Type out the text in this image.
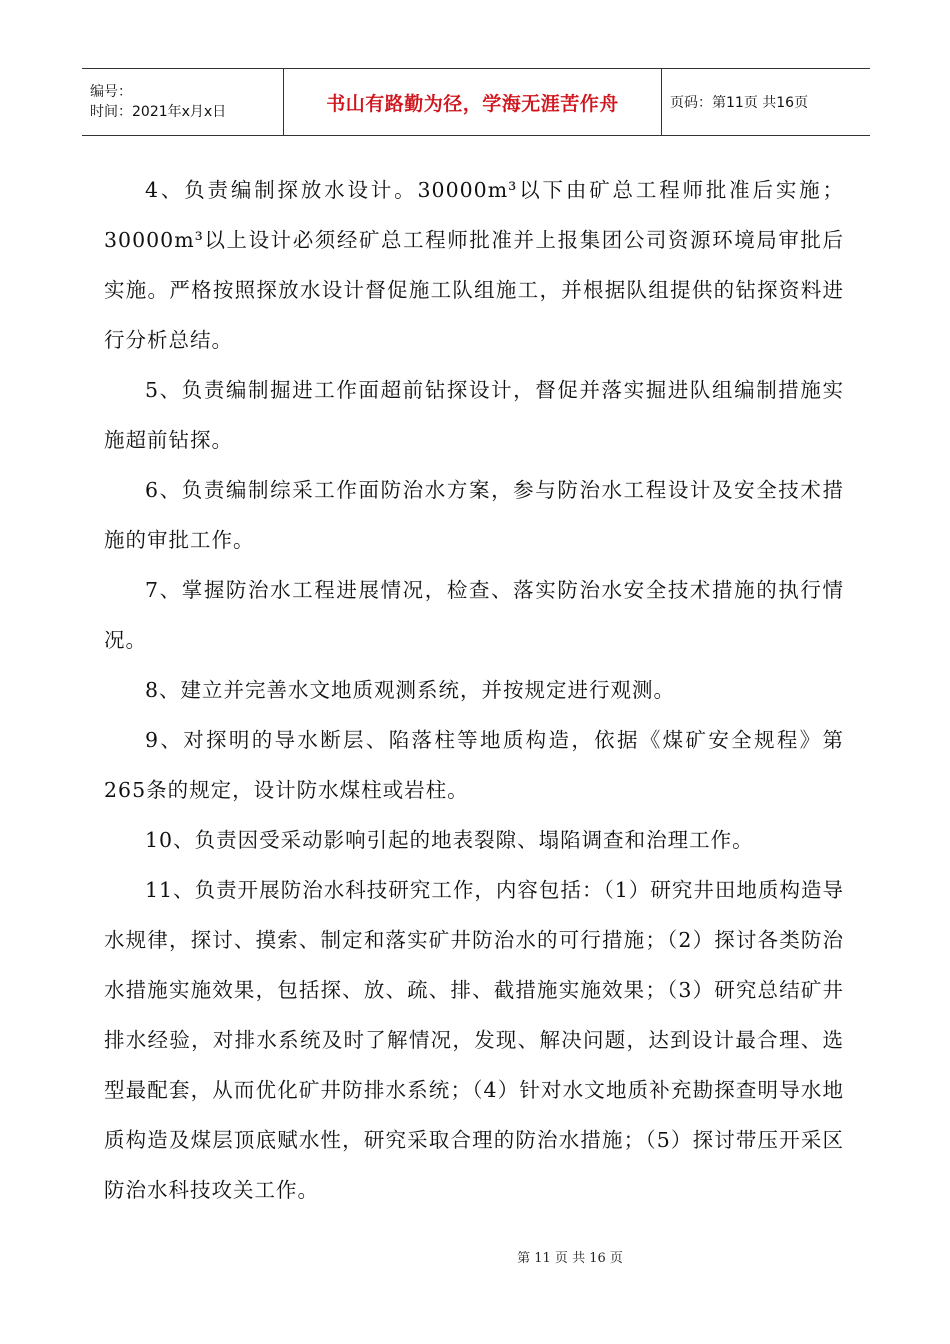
编号：
时间：2021年x月x日	书山有路勤为径，学海无涯苦作舟	页码：第11页 共16页

4、负责编制探放水设计。30000m³以下由矿总工程师批准后实施；30000m³以上设计必须经矿总工程师批准并上报集团公司资源环境局审批后实施。严格按照探放水设计督促施工队组施工，并根据队组提供的钻探资料进行分析总结。

5、负责编制掘进工作面超前钻探设计，督促并落实掘进队组编制措施实施超前钻探。

6、负责编制综采工作面防治水方案，参与防治水工程设计及安全技术措施的审批工作。

7、掌握防治水工程进展情况，检查、落实防治水安全技术措施的执行情况。

8、建立并完善水文地质观测系统，并按规定进行观测。

9、对探明的导水断层、陷落柱等地质构造，依据《煤矿安全规程》第265条的规定，设计防水煤柱或岩柱。

10、负责因受采动影响引起的地表裂隙、塌陷调查和治理工作。

11、负责开展防治水科技研究工作，内容包括：（1）研究井田地质构造导水规律，探讨、摸索、制定和落实矿井防治水的可行措施；（2）探讨各类防治水措施实施效果，包括探、放、疏、排、截措施实施效果；（3）研究总结矿井排水经验，对排水系统及时了解情况，发现、解决问题，达到设计最合理、选型最配套，从而优化矿井防排水系统；（4）针对水文地质补充勘探查明导水地质构造及煤层顶底赋水性，研究采取合理的防治水措施；（5）探讨带压开采区防治水科技攻关工作。

第 11 页 共 16 页
